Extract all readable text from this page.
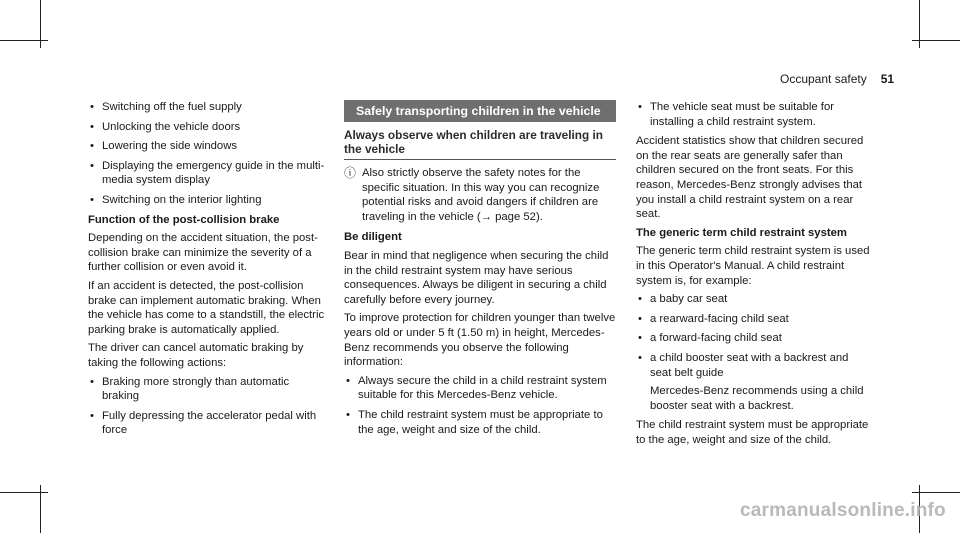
Occupant safety 51
• Switching off the fuel supply
• Unlocking the vehicle doors
• Lowering the side windows
• Displaying the emergency guide in the multi-media system display
• Switching on the interior lighting

Function of the post-collision brake

Depending on the accident situation, the post-collision brake can minimize the severity of a further collision or even avoid it.

If an accident is detected, the post-collision brake can implement automatic braking. When the vehicle has come to a standstill, the electric parking brake is automatically applied.

The driver can cancel automatic braking by taking the following actions:

• Braking more strongly than automatic braking
• Fully depressing the accelerator pedal with force
Safely transporting children in the vehicle
Always observe when children are traveling in the vehicle
ⓘ Also strictly observe the safety notes for the specific situation. In this way you can recognize potential risks and avoid dangers if children are traveling in the vehicle (→ page 52).

Be diligent

Bear in mind that negligence when securing the child in the child restraint system may have serious consequences. Always be diligent in securing a child carefully before every journey.

To improve protection for children younger than twelve years old or under 5 ft (1.50 m) in height, Mercedes-Benz recommends you observe the following information:

• Always secure the child in a child restraint system suitable for this Mercedes-Benz vehicle.
• The child restraint system must be appropriate to the age, weight and size of the child.
• The vehicle seat must be suitable for installing a child restraint system.

Accident statistics show that children secured on the rear seats are generally safer than children secured on the front seats. For this reason, Mercedes-Benz strongly advises that you install a child restraint system on a rear seat.

The generic term child restraint system

The generic term child restraint system is used in this Operator's Manual. A child restraint system is, for example:

• a baby car seat
• a rearward-facing child seat
• a forward-facing child seat
• a child booster seat with a backrest and seat belt guide

Mercedes-Benz recommends using a child booster seat with a backrest.

The child restraint system must be appropriate to the age, weight and size of the child.

carmanualsonline.info
